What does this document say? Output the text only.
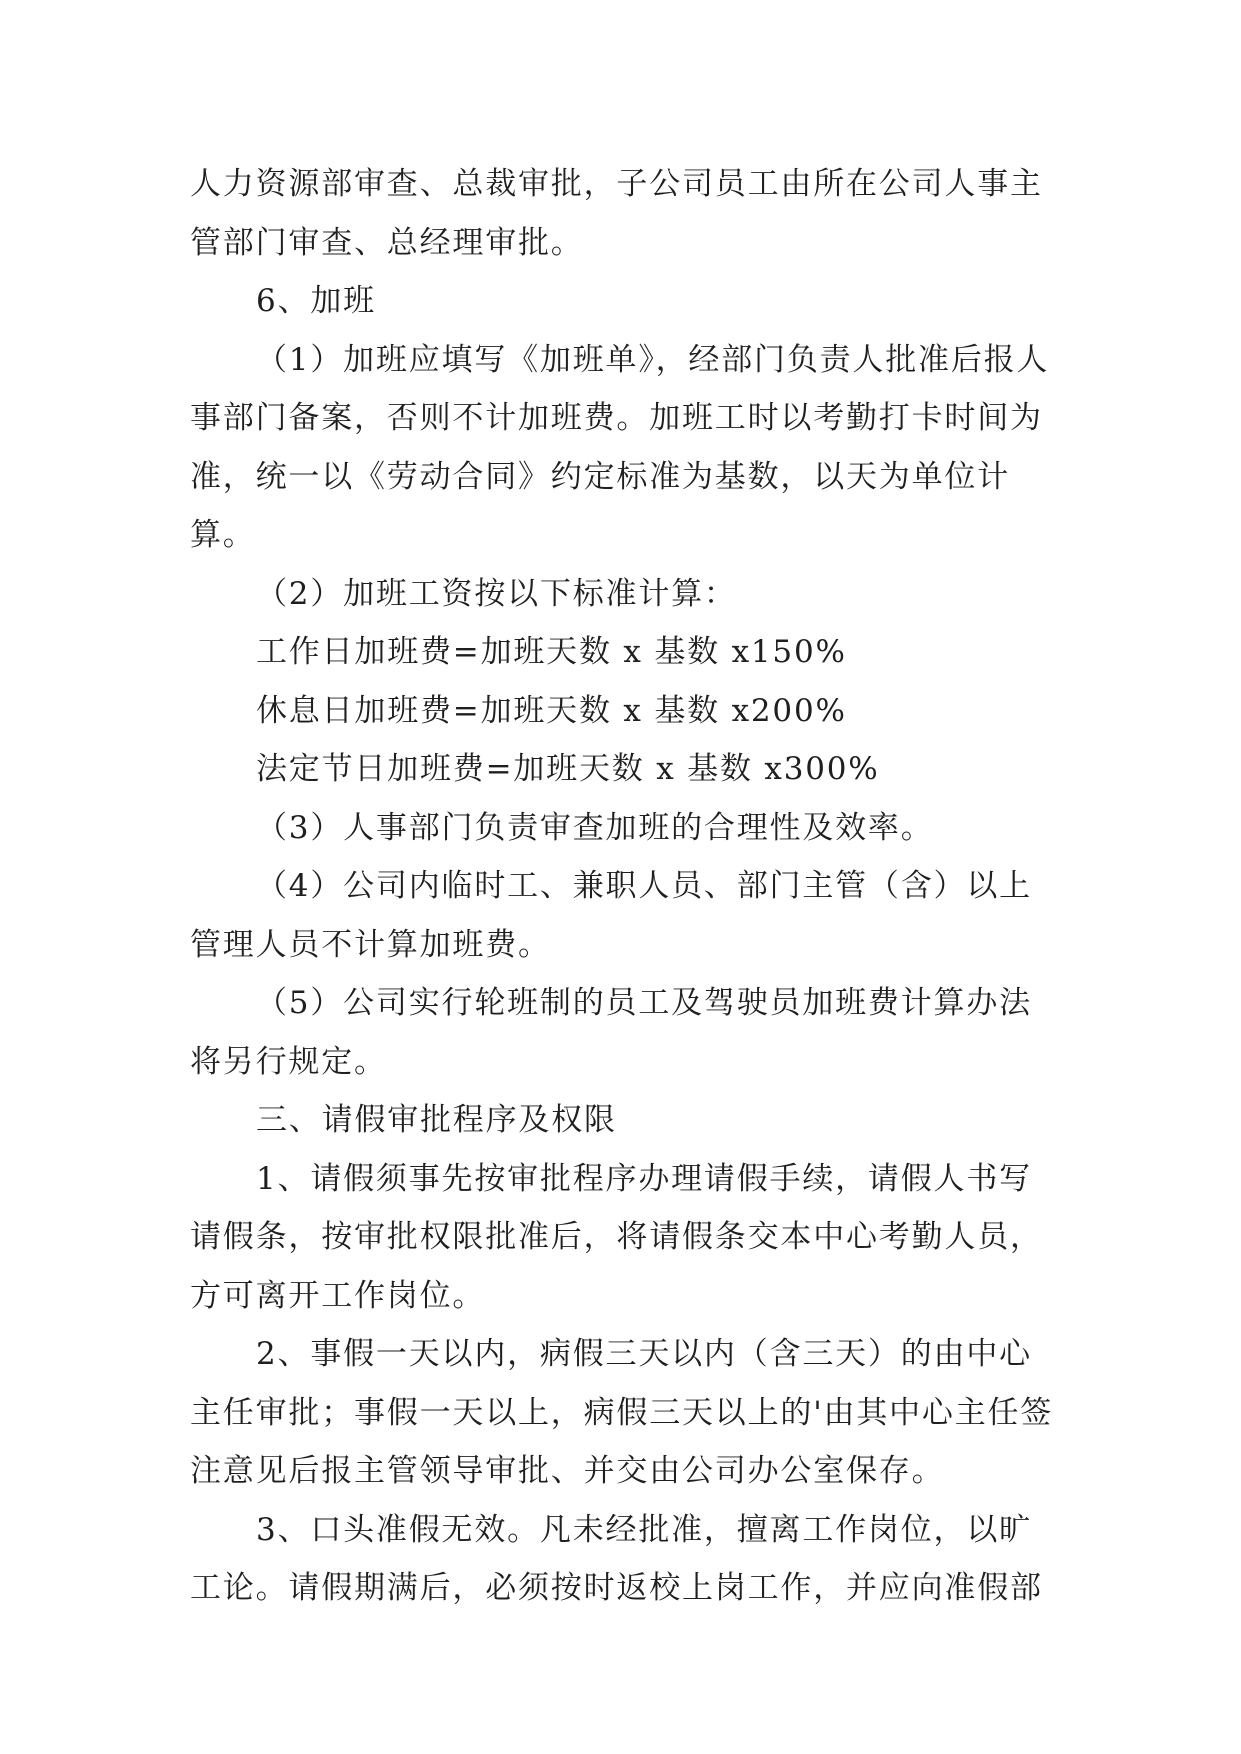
人力资源部审查、总裁审批，子公司员工由所在公司人事主管部门审查、总经理审批。

6、加班

（1）加班应填写《加班单》，经部门负责人批准后报人事部门备案，否则不计加班费。加班工时以考勤打卡时间为准，统一以《劳动合同》约定标准为基数，以天为单位计算。

（2）加班工资按以下标准计算：

工作日加班费=加班天数 x 基数 x150%

休息日加班费=加班天数 x 基数 x200%

法定节日加班费=加班天数 x 基数 x300%

（3）人事部门负责审查加班的合理性及效率。

（4）公司内临时工、兼职人员、部门主管（含）以上管理人员不计算加班费。

（5）公司实行轮班制的员工及驾驶员加班费计算办法将另行规定。

三、请假审批程序及权限

1、请假须事先按审批程序办理请假手续，请假人书写请假条，按审批权限批准后，将请假条交本中心考勤人员，方可离开工作岗位。

2、事假一天以内，病假三天以内（含三天）的由中心主任审批；事假一天以上，病假三天以上的'由其中心主任签注意见后报主管领导审批、并交由公司办公室保存。

3、口头准假无效。凡未经批准，擅离工作岗位，以旷工论。请假期满后，必须按时返校上岗工作，并应向准假部
